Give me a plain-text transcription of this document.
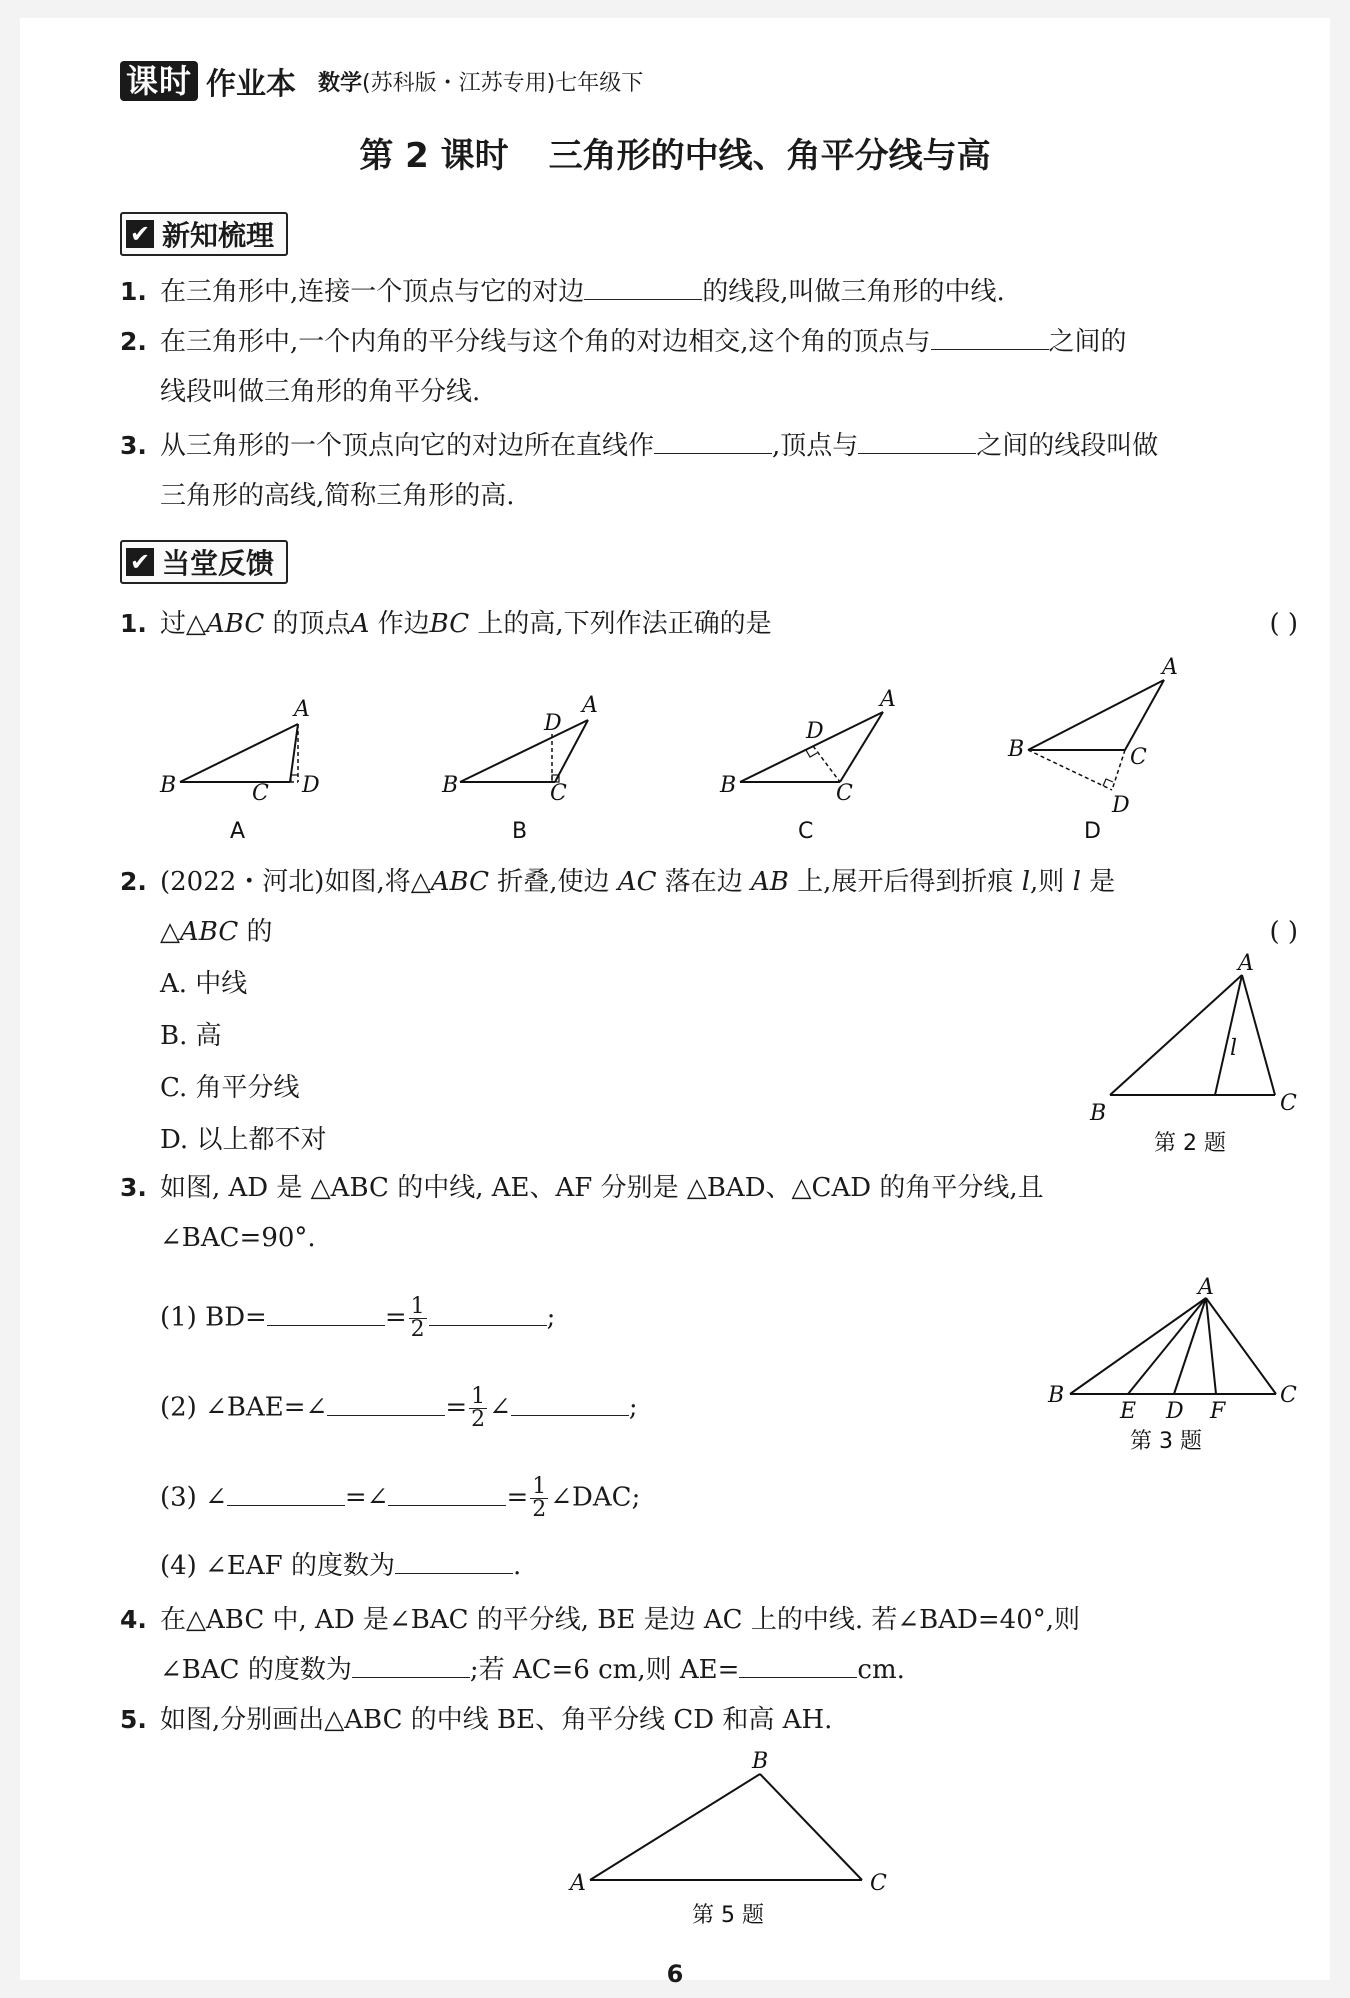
课时 作业本 数学(苏科版・江苏专用)七年级下
第 2 课时 三角形的中线、角平分线与高
✔ 新知梳理
1. 在三角形中,连接一个顶点与它的对边	的线段,叫做三角形的中线.
2. 在三角形中,一个内角的平分线与这个角的对边相交,这个角的顶点与	之间的
线段叫做三角形的角平分线.
3. 从三角形的一个顶点向它的对边所在直线作	,顶点与	之间的线段叫做
三角形的高线,简称三角形的高.
✔ 当堂反馈
1. 过△ABC 的顶点A 作边BC 上的高,下列作法正确的是	( )
A
B	C D
A
A
D
B	C
B
A
D
B	C
C
A
B	C
D
D
2. (2022・河北)如图,将△ABC 折叠,使边 AC 落在边 AB 上,展开后得到折痕 l,则 l 是
△ABC 的	( )
A. 中线
B. 高
C. 角平分线
D. 以上都不对
A
B	C
l
第 2 题
3. 如图, AD 是 △ABC 的中线, AE、AF 分别是 △BAD、△CAD 的角平分线,且
∠BAC=90°.
(1) BD=	= $\frac{1}{2}$	;
(2) ∠BAE=∠	= $\frac{1}{2}$ ∠	;
(3) ∠	=∠	= $\frac{1}{2}$ ∠DAC;
(4) ∠EAF 的度数为	.
A
B	C
E D F
第 3 题
4. 在△ABC 中, AD 是∠BAC 的平分线, BE 是边 AC 上的中线. 若∠BAD=40°,则
∠BAC 的度数为	;若 AC=6 cm,则 AE=	cm.
5. 如图,分别画出△ABC 的中线 BE、角平分线 CD 和高 AH.
B
A	C
第 5 题
6
